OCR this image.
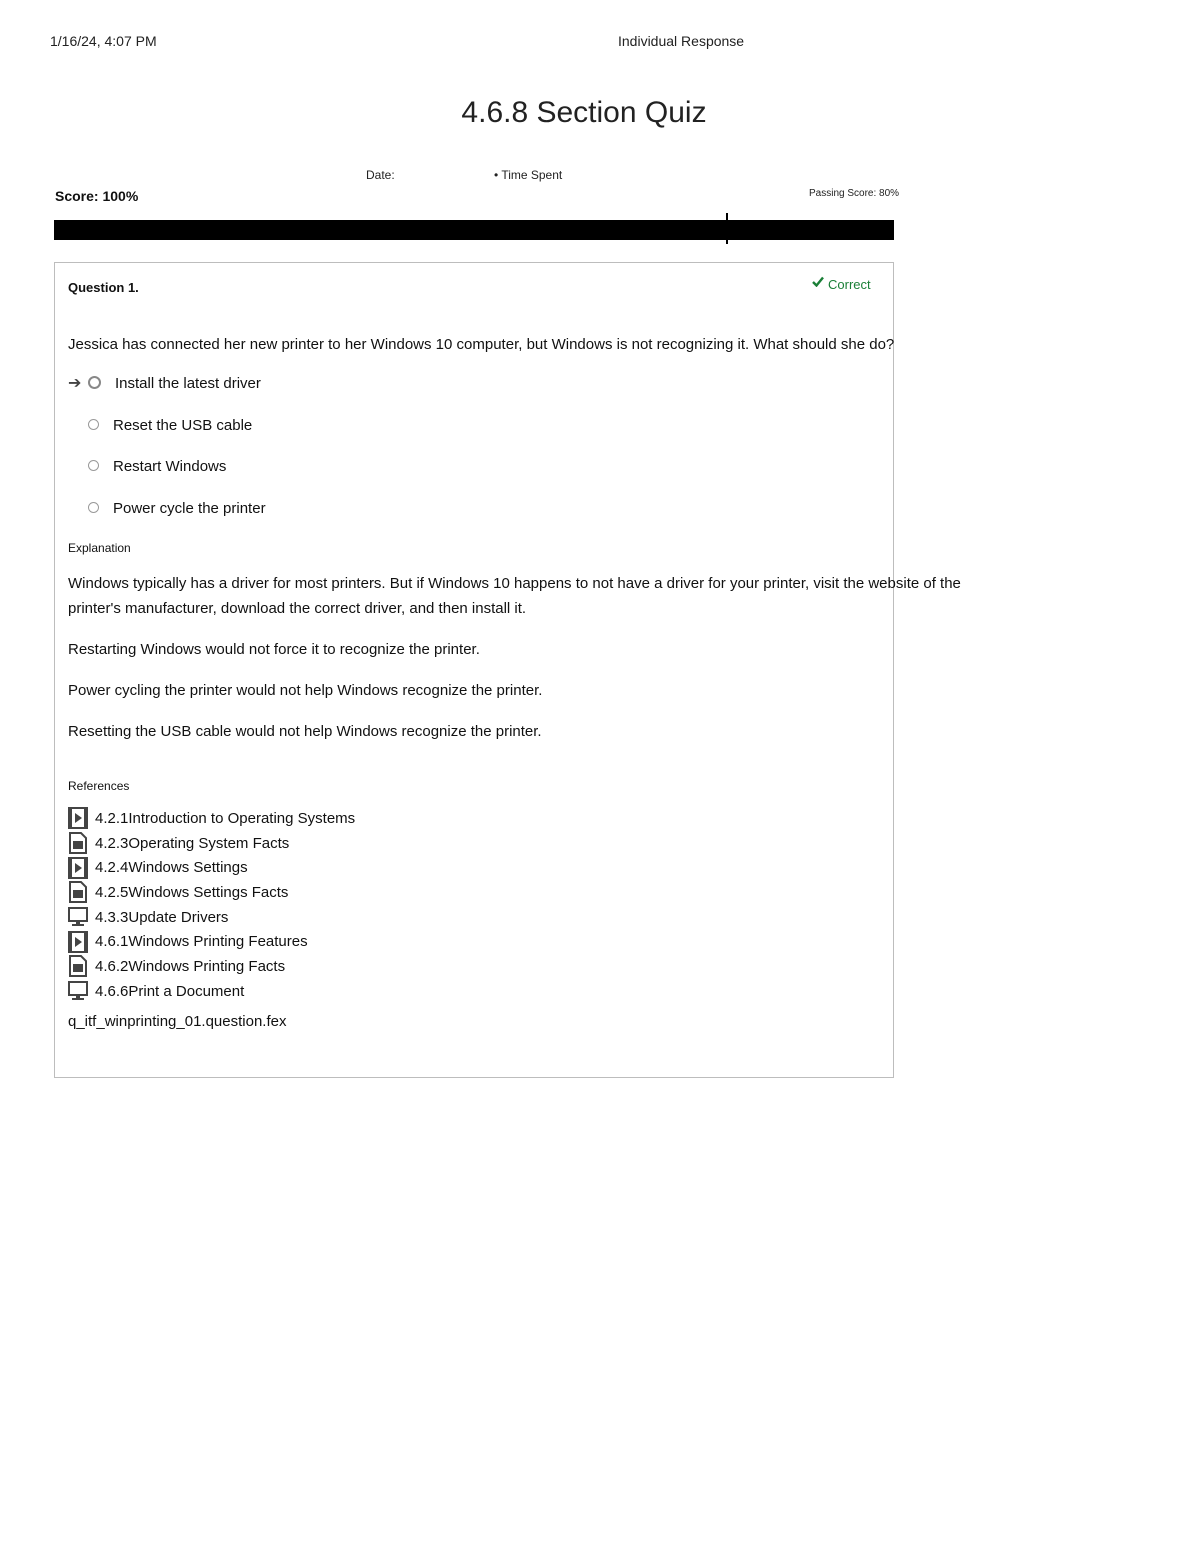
1/16/24, 4:07 PM	Individual Response
4.6.8 Section Quiz
Date:	• Time Spent
Score: 100%	Passing Score: 80%
Question 1.	Correct
Jessica has connected her new printer to her Windows 10 computer, but Windows is not recognizing it. What should she do?
➔	Install the latest driver
Reset the USB cable
Restart Windows
Power cycle the printer
Explanation

Windows typically has a driver for most printers. But if Windows 10 happens to not have a driver for your printer, visit the website of the printer's manufacturer, download the correct driver, and then install it.

Restarting Windows would not force it to recognize the printer.

Power cycling the printer would not help Windows recognize the printer.

Resetting the USB cable would not help Windows recognize the printer.

References
4.2.1 Introduction to Operating Systems
4.2.3 Operating System Facts
4.2.4 Windows Settings
4.2.5 Windows Settings Facts
4.3.3 Update Drivers
4.6.1 Windows Printing Features
4.6.2 Windows Printing Facts
4.6.6 Print a Document
q_itf_winprinting_01.question.fex
